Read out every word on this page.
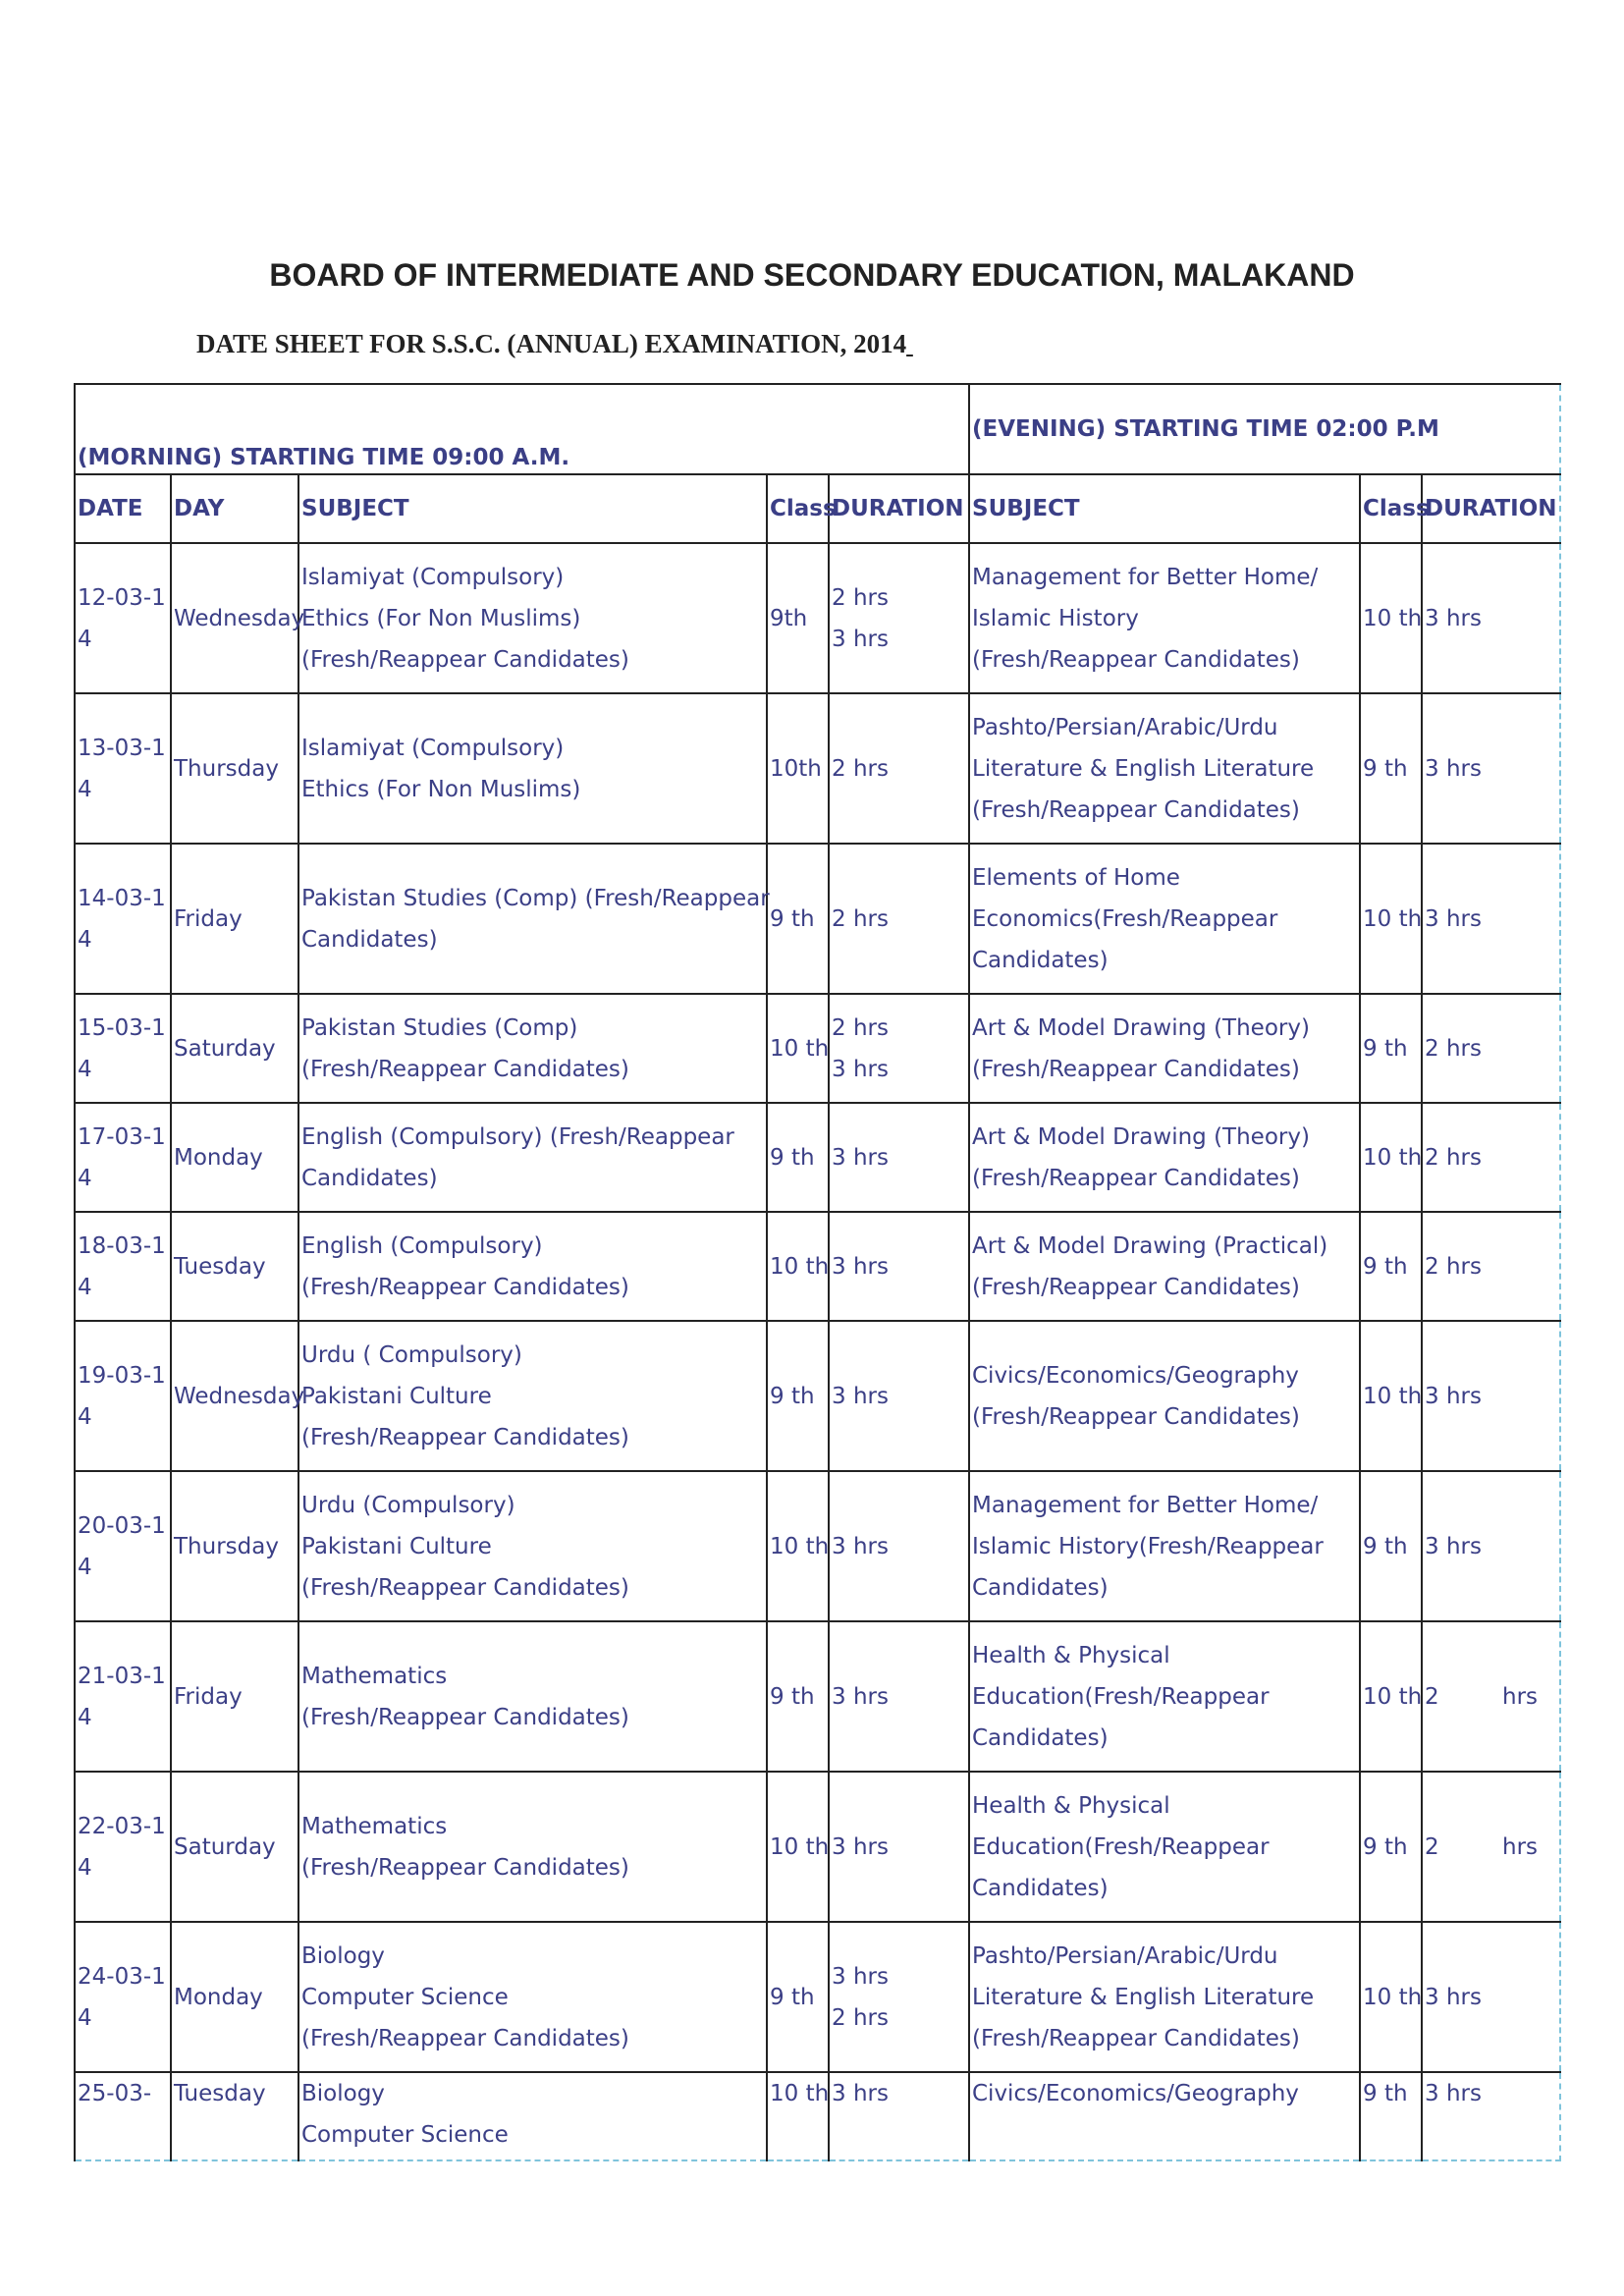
BOARD OF INTERMEDIATE AND SECONDARY EDUCATION, MALAKAND
DATE SHEET FOR S.S.C. (ANNUAL) EXAMINATION, 2014
(MORNING) STARTING TIME 09:00 A.M.					(EVENING) STARTING TIME 02:00 P.M		
DATE	DAY	SUBJECT	Class	DURATION	SUBJECT	Class	DURATION
12-03-14	Wednesday	Islamiyat (Compulsory)
Ethics (For Non Muslims)
(Fresh/Reappear Candidates)	9th	2 hrs
3 hrs	Management for Better Home/
Islamic History
(Fresh/Reappear Candidates)	10 th	3 hrs

13-03-14	Thursday	Islamiyat (Compulsory)
Ethics (For Non Muslims)	10th	2 hrs	Pashto/Persian/Arabic/Urdu
Literature & English Literature
(Fresh/Reappear Candidates)	9 th	3 hrs

14-03-14	Friday	Pakistan Studies (Comp) (Fresh/Reappear
Candidates)	9 th	2 hrs	Elements of Home
Economics(Fresh/Reappear
Candidates)	10 th	3 hrs

15-03-14	Saturday	Pakistan Studies (Comp)
(Fresh/Reappear Candidates)	10 th	2 hrs
3 hrs	Art & Model Drawing (Theory)
(Fresh/Reappear Candidates)	9 th	2 hrs

17-03-14	Monday	English (Compulsory) (Fresh/Reappear
Candidates)	9 th	3 hrs	Art & Model Drawing (Theory)
(Fresh/Reappear Candidates)	10 th	2 hrs

18-03-14	Tuesday	English (Compulsory)
(Fresh/Reappear Candidates)	10 th	3 hrs	Art & Model Drawing (Practical)
(Fresh/Reappear Candidates)	9 th	2 hrs

19-03-14	Wednesday	Urdu ( Compulsory)
Pakistani Culture
(Fresh/Reappear Candidates)	9 th	3 hrs	Civics/Economics/Geography
(Fresh/Reappear Candidates)	10 th	3 hrs

20-03-14	Thursday	Urdu (Compulsory)
Pakistani Culture
(Fresh/Reappear Candidates)	10 th	3 hrs	Management for Better Home/
Islamic History(Fresh/Reappear
Candidates)	9 th	3 hrs

21-03-14	Friday	Mathematics
(Fresh/Reappear Candidates)	9 th	3 hrs	Health & Physical
Education(Fresh/Reappear
Candidates)	10 th	2 hrs

22-03-14	Saturday	Mathematics
(Fresh/Reappear Candidates)	10 th	3 hrs	Health & Physical
Education(Fresh/Reappear
Candidates)	9 th	2 hrs

24-03-14	Monday	Biology
Computer Science
(Fresh/Reappear Candidates)	9 th	3 hrs
2 hrs	Pashto/Persian/Arabic/Urdu
Literature & English Literature
(Fresh/Reappear Candidates)	10 th	3 hrs

25-03-	Tuesday	Biology
Computer Science	10 th	3 hrs	Civics/Economics/Geography	9 th	3 hrs
